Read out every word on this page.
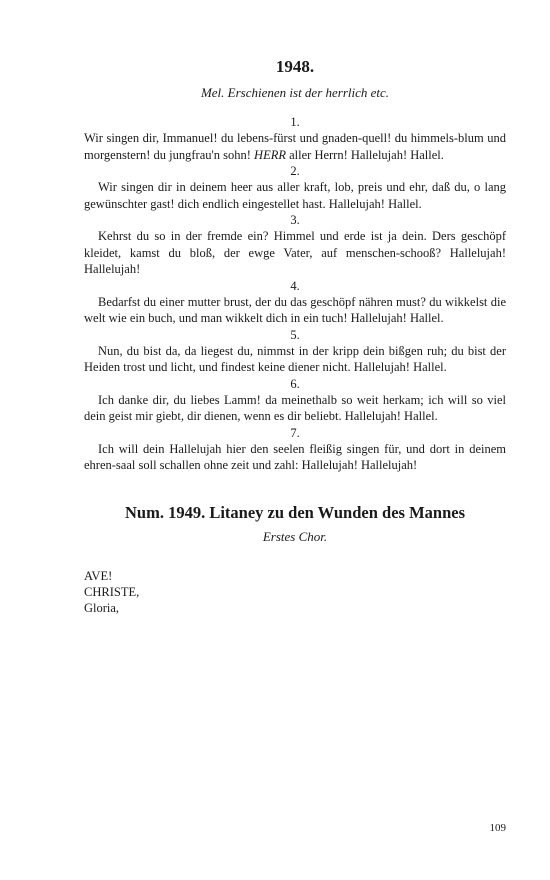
1948.

Mel. Erschienen ist der herrlich etc.

1.

Wir singen dir, Immanuel! du lebens-fürst und gnaden-quell! du himmels-blum und morgenstern! du jungfrau'n sohn! HERR aller Herrn! Hallelujah! Hallel.

2.

Wir singen dir in deinem heer aus aller kraft, lob, preis und ehr, daß du, o lang gewünschter gast! dich endlich eingestellet hast. Hallelujah! Hallel.

3.

Kehrst du so in der fremde ein? Himmel und erde ist ja dein. Ders geschöpf kleidet, kamst du bloß, der ewge Vater, auf menschen-schooß? Hallelujah! Hallelujah!

4.

Bedarfst du einer mutter brust, der du das geschöpf nähren must? du wikkelst die welt wie ein buch, und man wikkelt dich in ein tuch! Hallelujah! Hallel.

5.

Nun, du bist da, da liegest du, nimmst in der kripp dein bißgen ruh; du bist der Heiden trost und licht, und findest keine diener nicht. Hallelujah! Hallel.

6.

Ich danke dir, du liebes Lamm! da meinethalb so weit herkam; ich will so viel dein geist mir giebt, dir dienen, wenn es dir beliebt. Hallelujah! Hallel.

7.

Ich will dein Hallelujah hier den seelen fleißig singen für, und dort in deinem ehren-saal soll schallen ohne zeit und zahl: Hallelujah! Hallelujah!

Num. 1949. Litaney zu den Wunden des Mannes

Erstes Chor.

AVE!

CHRISTE,

Gloria,

109
